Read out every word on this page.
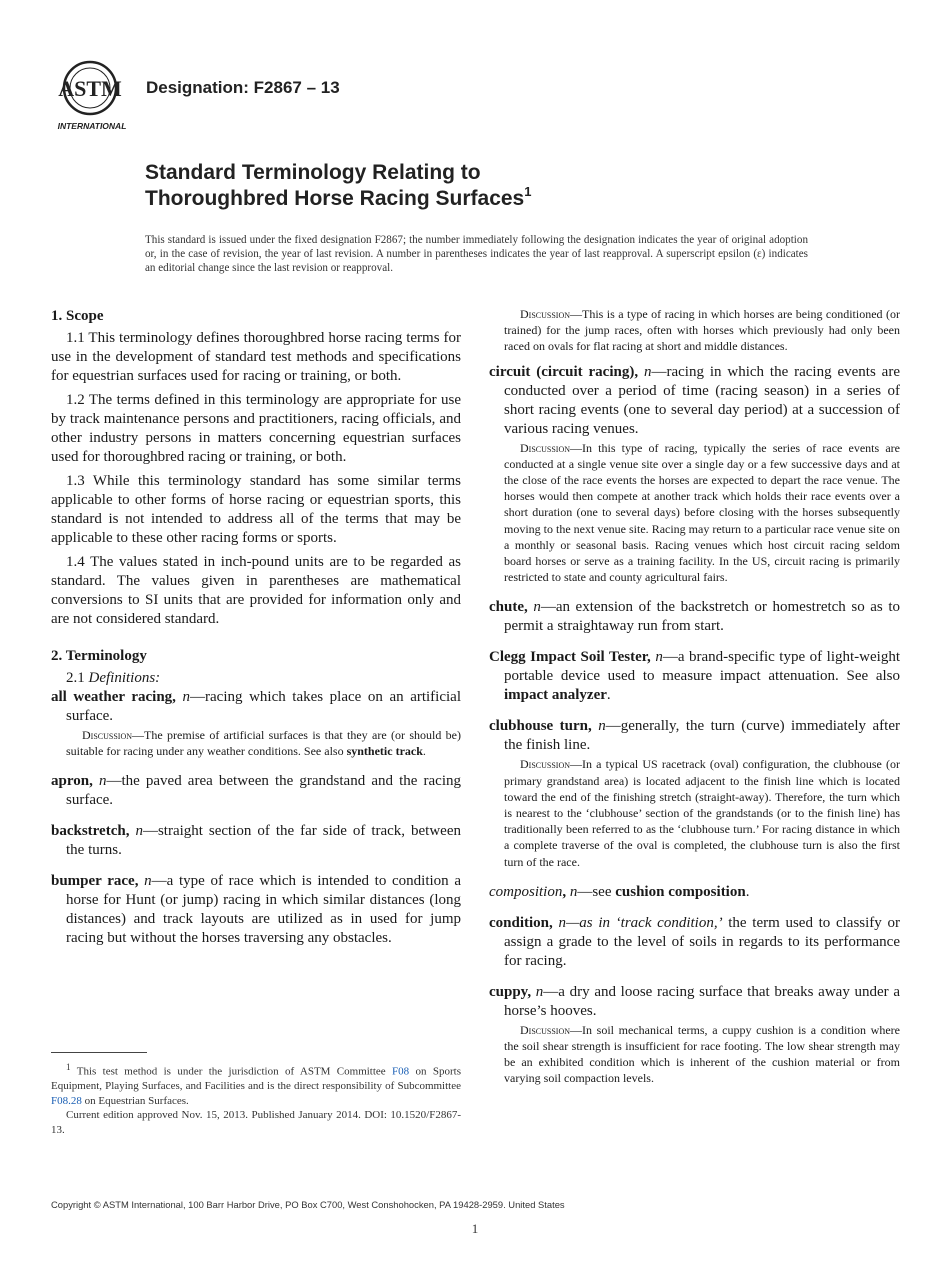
ASTM
INTERNATIONAL
Designation: F2867 – 13
Standard Terminology Relating to
Thoroughbred Horse Racing Surfaces$^1$
This standard is issued under the fixed designation F2867; the number immediately following the designation indicates the year of original adoption or, in the case of revision, the year of last revision. A number in parentheses indicates the year of last reapproval. A superscript epsilon (ε) indicates an editorial change since the last revision or reapproval.
1. Scope

1.1 This terminology defines thoroughbred horse racing terms for use in the development of standard test methods and specifications for equestrian surfaces used for racing or training, or both.

1.2 The terms defined in this terminology are appropriate for use by track maintenance persons and practitioners, racing officials, and other industry persons in matters concerning equestrian surfaces used for thoroughbred racing or training, or both.

1.3 While this terminology standard has some similar terms applicable to other forms of horse racing or equestrian sports, this standard is not intended to address all of the terms that may be applicable to these other racing forms or sports.

1.4 The values stated in inch-pound units are to be regarded as standard. The values given in parentheses are mathematical conversions to SI units that are provided for information only and are not considered standard.

2. Terminology
2.1 Definitions:

all weather racing, n—racing which takes place on an artificial surface.

Discussion—The premise of artificial surfaces is that they are (or should be) suitable for racing under any weather conditions. See also synthetic track.

apron, n—the paved area between the grandstand and the racing surface.

backstretch, n—straight section of the far side of track, between the turns.

bumper race, n—a type of race which is intended to condition a horse for Hunt (or jump) racing in which similar distances (long distances) and track layouts are utilized as in used for jump racing but without the horses traversing any obstacles.

$^1$ This test method is under the jurisdiction of ASTM Committee F08 on Sports Equipment, Playing Surfaces, and Facilities and is the direct responsibility of Subcommittee F08.28 on Equestrian Surfaces.

Current edition approved Nov. 15, 2013. Published January 2014. DOI: 10.1520/F2867-13.

Discussion—This is a type of racing in which horses are being conditioned (or trained) for the jump races, often with horses which previously had only been raced on ovals for flat racing at short and middle distances.

circuit (circuit racing), n—racing in which the racing events are conducted over a period of time (racing season) in a series of short racing events (one to several day period) at a succession of various racing venues.

Discussion—In this type of racing, typically the series of race events are conducted at a single venue site over a single day or a few successive days and at the close of the race events the horses are expected to depart the race venue. The horses would then compete at another track which holds their race events over a short duration (one to several days) before closing with the horses subsequently moving to the next venue site. Racing may return to a particular race venue site on a monthly or seasonal basis. Racing venues which host circuit racing seldom board horses or serve as a training facility. In the US, circuit racing is primarily restricted to state and county agricultural fairs.

chute, n—an extension of the backstretch or homestretch so as to permit a straightaway run from start.

Clegg Impact Soil Tester, n—a brand-specific type of light-weight portable device used to measure impact attenuation. See also impact analyzer.

clubhouse turn, n—generally, the turn (curve) immediately after the finish line.

Discussion—In a typical US racetrack (oval) configuration, the clubhouse (or primary grandstand area) is located adjacent to the finish line which is located toward the end of the finishing stretch (straight-away). Therefore, the turn which is nearest to the ‘clubhouse’ section of the grandstands (or to the finish line) has traditionally been referred to as the ‘clubhouse turn.’ For racing distance in which a complete traverse of the oval is completed, the clubhouse turn is also the first turn of the race.

composition, n—see cushion composition.

condition, n—as in ‘track condition,’ the term used to classify or assign a grade to the level of soils in regards to its performance for racing.

cuppy, n—a dry and loose racing surface that breaks away under a horse’s hooves.

Discussion—In soil mechanical terms, a cuppy cushion is a condition where the soil shear strength is insufficient for race footing. The low shear strength may be an exhibited condition which is inherent of the cushion material or from varying soil compaction levels.

Copyright © ASTM International, 100 Barr Harbor Drive, PO Box C700, West Conshohocken, PA 19428-2959. United States
1
